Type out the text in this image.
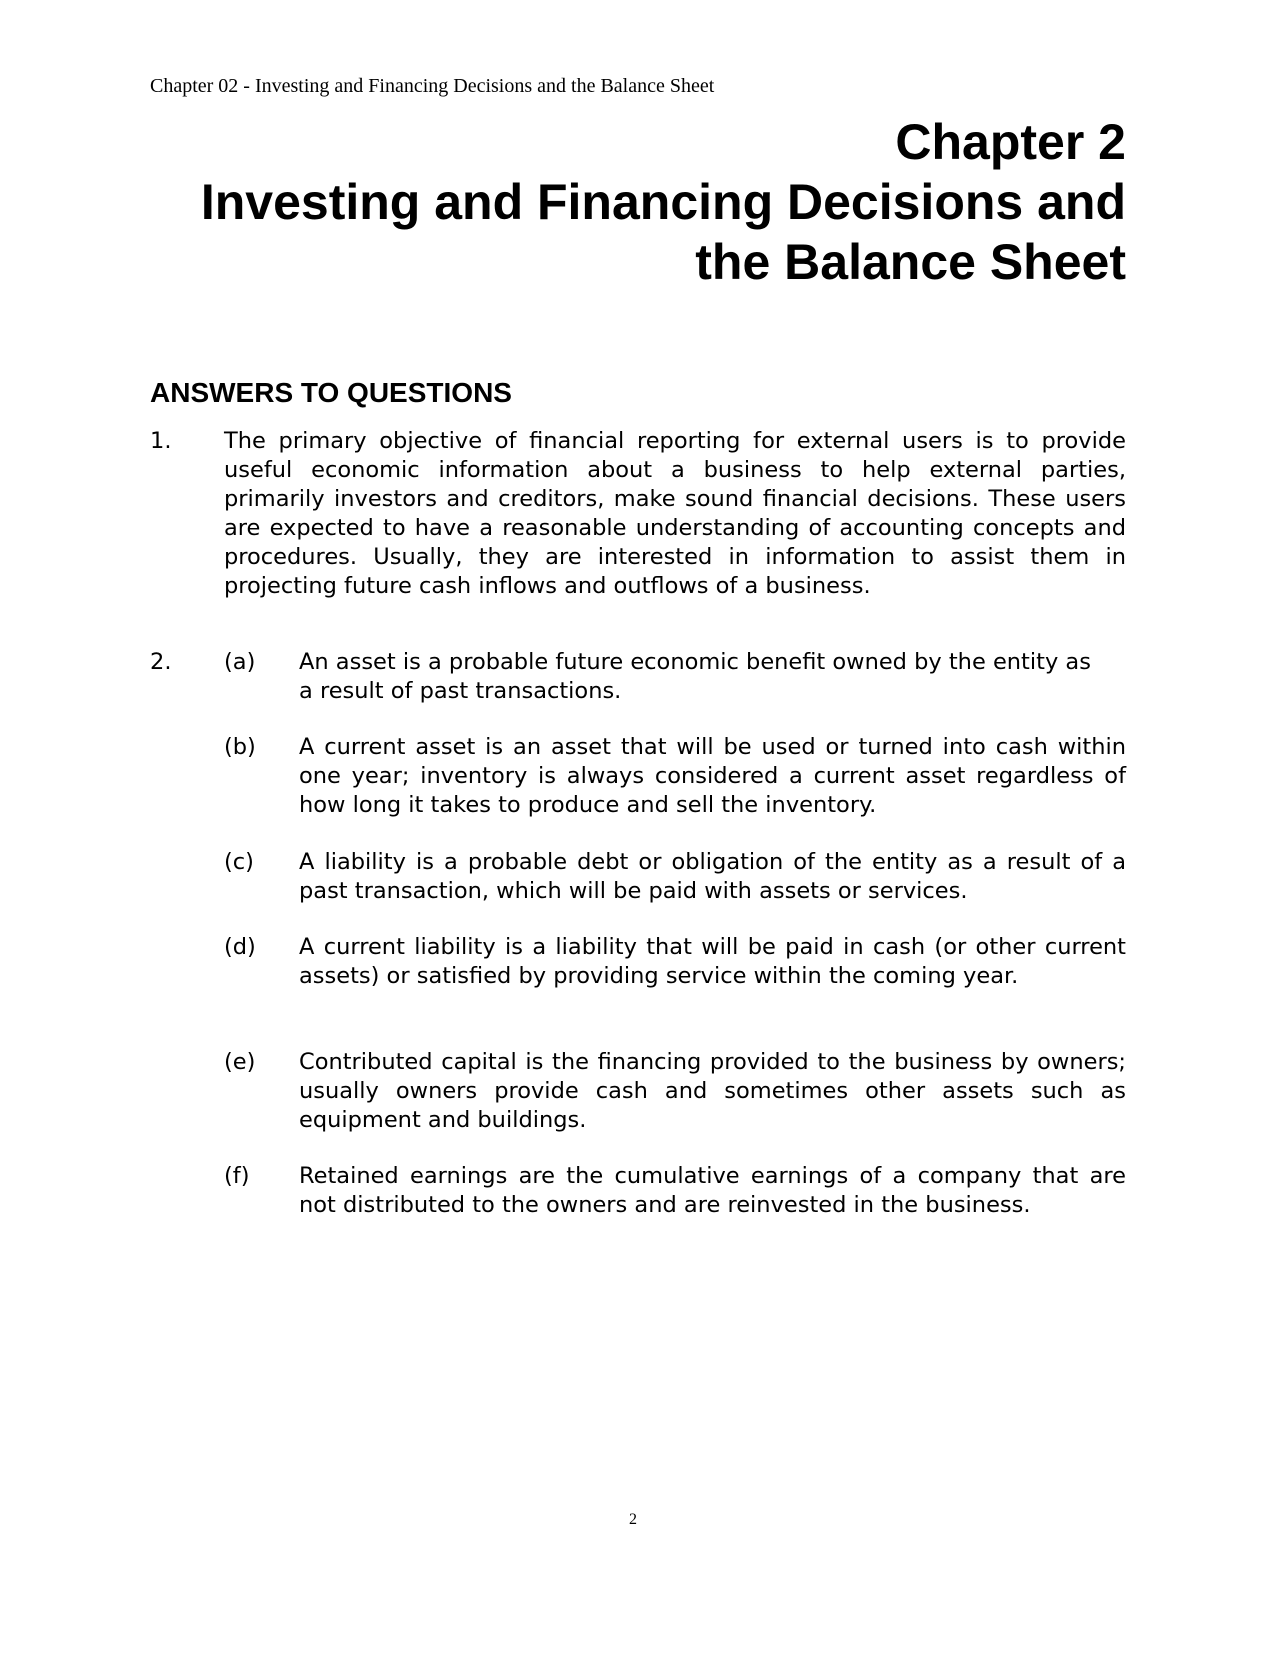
Chapter 02 - Investing and Financing Decisions and the Balance Sheet
Chapter 2
Investing and Financing Decisions and
the Balance Sheet
ANSWERS TO QUESTIONS
1. The primary objective of financial reporting for external users is to provide useful economic information about a business to help external parties, primarily investors and creditors, make sound financial decisions. These users are expected to have a reasonable understanding of accounting concepts and procedures. Usually, they are interested in information to assist them in projecting future cash inflows and outflows of a business.

2. (a) An asset is a probable future economic benefit owned by the entity as a result of past transactions.

(b) A current asset is an asset that will be used or turned into cash within one year; inventory is always considered a current asset regardless of how long it takes to produce and sell the inventory.

(c) A liability is a probable debt or obligation of the entity as a result of a past transaction, which will be paid with assets or services.

(d) A current liability is a liability that will be paid in cash (or other current assets) or satisfied by providing service within the coming year.

(e) Contributed capital is the financing provided to the business by owners; usually owners provide cash and sometimes other assets such as equipment and buildings.

(f) Retained earnings are the cumulative earnings of a company that are not distributed to the owners and are reinvested in the business.

2
